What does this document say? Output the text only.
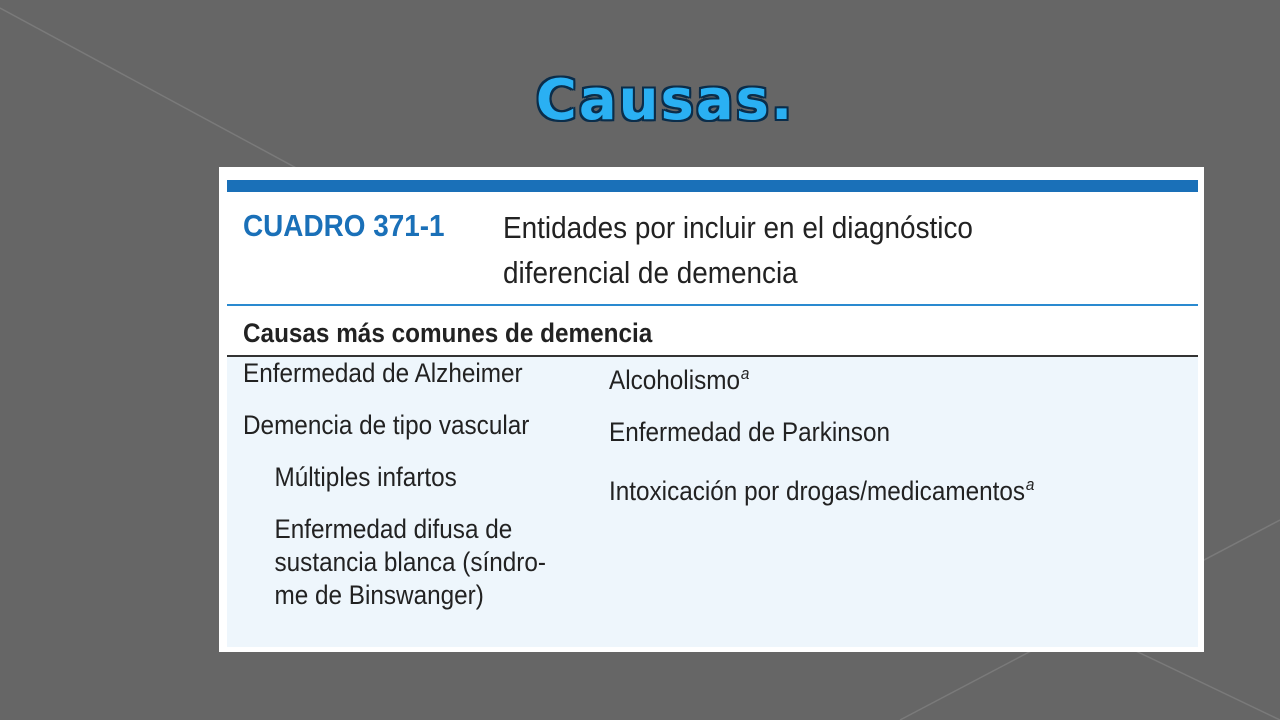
Causas.
CUADRO 371-1	Entidades por incluir en el diagnóstico
diferencial de demencia
Causas más comunes de demencia
Enfermedad de Alzheimer
Demencia de tipo vascular
Múltiples infartos
Enfermedad difusa de
sustancia blanca (síndro-
me de Binswanger)
Alcoholismo$^a$
Enfermedad de Parkinson
Intoxicación por drogas/medicamentos$^a$
